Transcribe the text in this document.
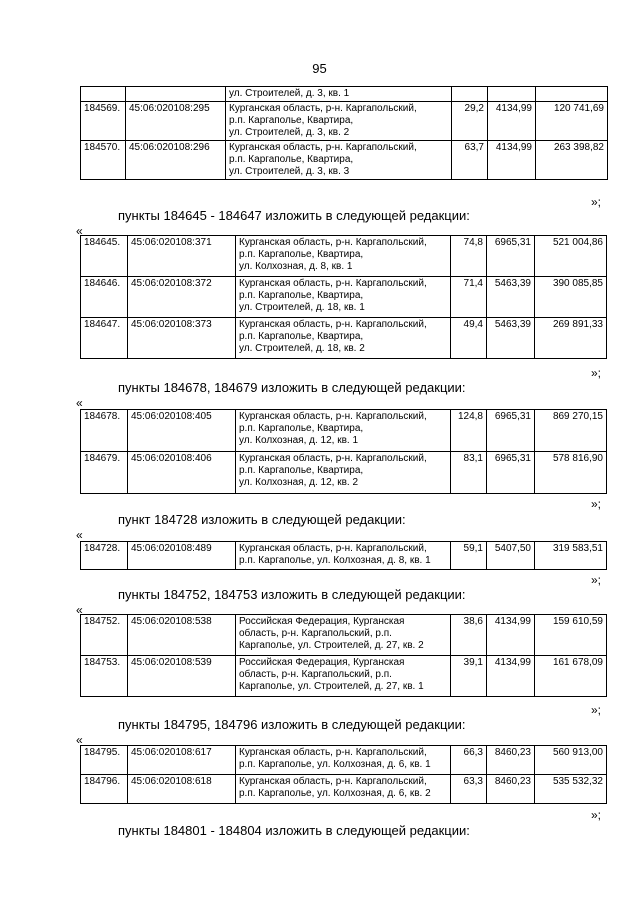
95
		ул. Строителей, д. 3, кв. 1			
184569.	45:06:020108:295	Курганская область, р-н. Каргапольский,
р.п. Каргаполье, Квартира,
ул. Строителей, д. 3, кв. 2	29,2	4134,99	120 741,69
184570.	45:06:020108:296	Курганская область, р-н. Каргапольский,
р.п. Каргаполье, Квартира,
ул. Строителей, д. 3, кв. 3	63,7	4134,99	263 398,82
»;
пункты 184645 - 184647 изложить в следующей редакции:
«
184645.	45:06:020108:371	Курганская область, р-н. Каргапольский,
р.п. Каргаполье, Квартира,
ул. Колхозная, д. 8, кв. 1	74,8	6965,31	521 004,86
184646.	45:06:020108:372	Курганская область, р-н. Каргапольский,
р.п. Каргаполье, Квартира,
ул. Строителей, д. 18, кв. 1	71,4	5463,39	390 085,85
184647.	45:06:020108:373	Курганская область, р-н. Каргапольский,
р.п. Каргаполье, Квартира,
ул. Строителей, д. 18, кв. 2	49,4	5463,39	269 891,33
»;
пункты 184678, 184679 изложить в следующей редакции:
«
184678.	45:06:020108:405	Курганская область, р-н. Каргапольский,
р.п. Каргаполье, Квартира,
ул. Колхозная, д. 12, кв. 1	124,8	6965,31	869 270,15
184679.	45:06:020108:406	Курганская область, р-н. Каргапольский,
р.п. Каргаполье, Квартира,
ул. Колхозная, д. 12, кв. 2	83,1	6965,31	578 816,90
»;
пункт 184728 изложить в следующей редакции:
«
184728.	45:06:020108:489	Курганская область, р-н. Каргапольский,
р.п. Каргаполье, ул. Колхозная, д. 8, кв. 1	59,1	5407,50	319 583,51
»;
пункты 184752, 184753 изложить в следующей редакции:
«
184752.	45:06:020108:538	Российская Федерация, Курганская
область, р-н. Каргапольский, р.п.
Каргаполье, ул. Строителей, д. 27, кв. 2	38,6	4134,99	159 610,59
184753.	45:06:020108:539	Российская Федерация, Курганская
область, р-н. Каргапольский, р.п.
Каргаполье, ул. Строителей, д. 27, кв. 1	39,1	4134,99	161 678,09
»;
пункты 184795, 184796 изложить в следующей редакции:
«
184795.	45:06:020108:617	Курганская область, р-н. Каргапольский,
р.п. Каргаполье, ул. Колхозная, д. 6, кв. 1	66,3	8460,23	560 913,00
184796.	45:06:020108:618	Курганская область, р-н. Каргапольский,
р.п. Каргаполье, ул. Колхозная, д. 6, кв. 2	63,3	8460,23	535 532,32
»;
пункты 184801 - 184804 изложить в следующей редакции:
